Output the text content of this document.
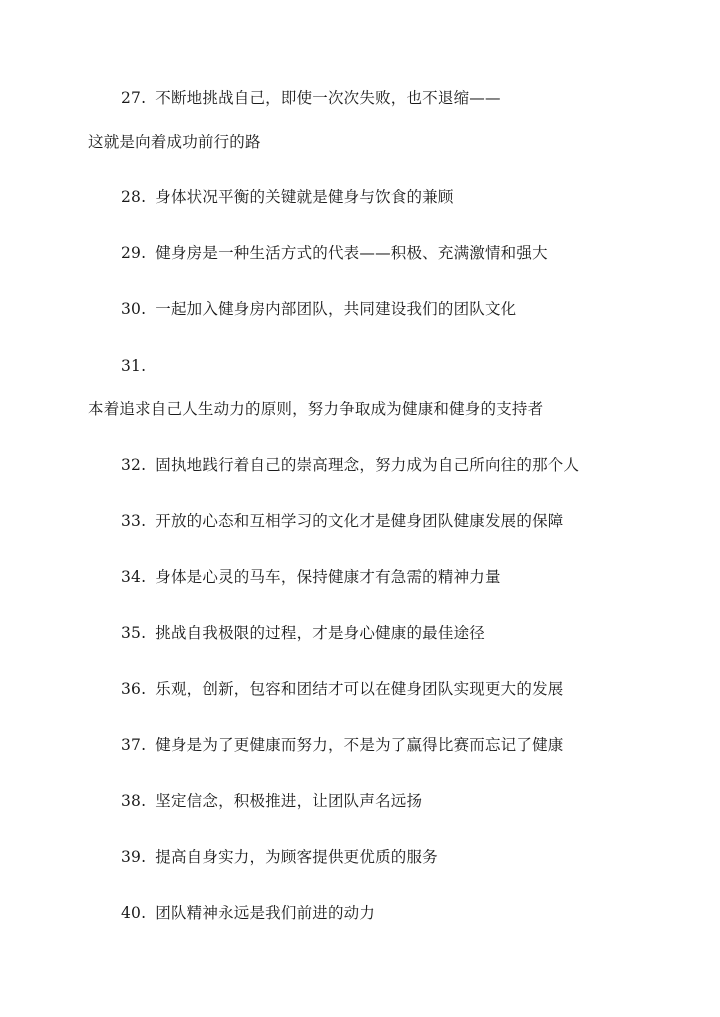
27. 不断地挑战自己，即使一次次失败，也不退缩——
这就是向着成功前行的路
28. 身体状况平衡的关键就是健身与饮食的兼顾
29. 健身房是一种生活方式的代表——积极、充满激情和强大
30. 一起加入健身房内部团队，共同建设我们的团队文化
31.
本着追求自己人生动力的原则，努力争取成为健康和健身的支持者
32. 固执地践行着自己的崇高理念，努力成为自己所向往的那个人
33. 开放的心态和互相学习的文化才是健身团队健康发展的保障
34. 身体是心灵的马车，保持健康才有急需的精神力量
35. 挑战自我极限的过程，才是身心健康的最佳途径
36. 乐观，创新，包容和团结才可以在健身团队实现更大的发展
37. 健身是为了更健康而努力，不是为了赢得比赛而忘记了健康
38. 坚定信念，积极推进，让团队声名远扬
39. 提高自身实力，为顾客提供更优质的服务
40. 团队精神永远是我们前进的动力
